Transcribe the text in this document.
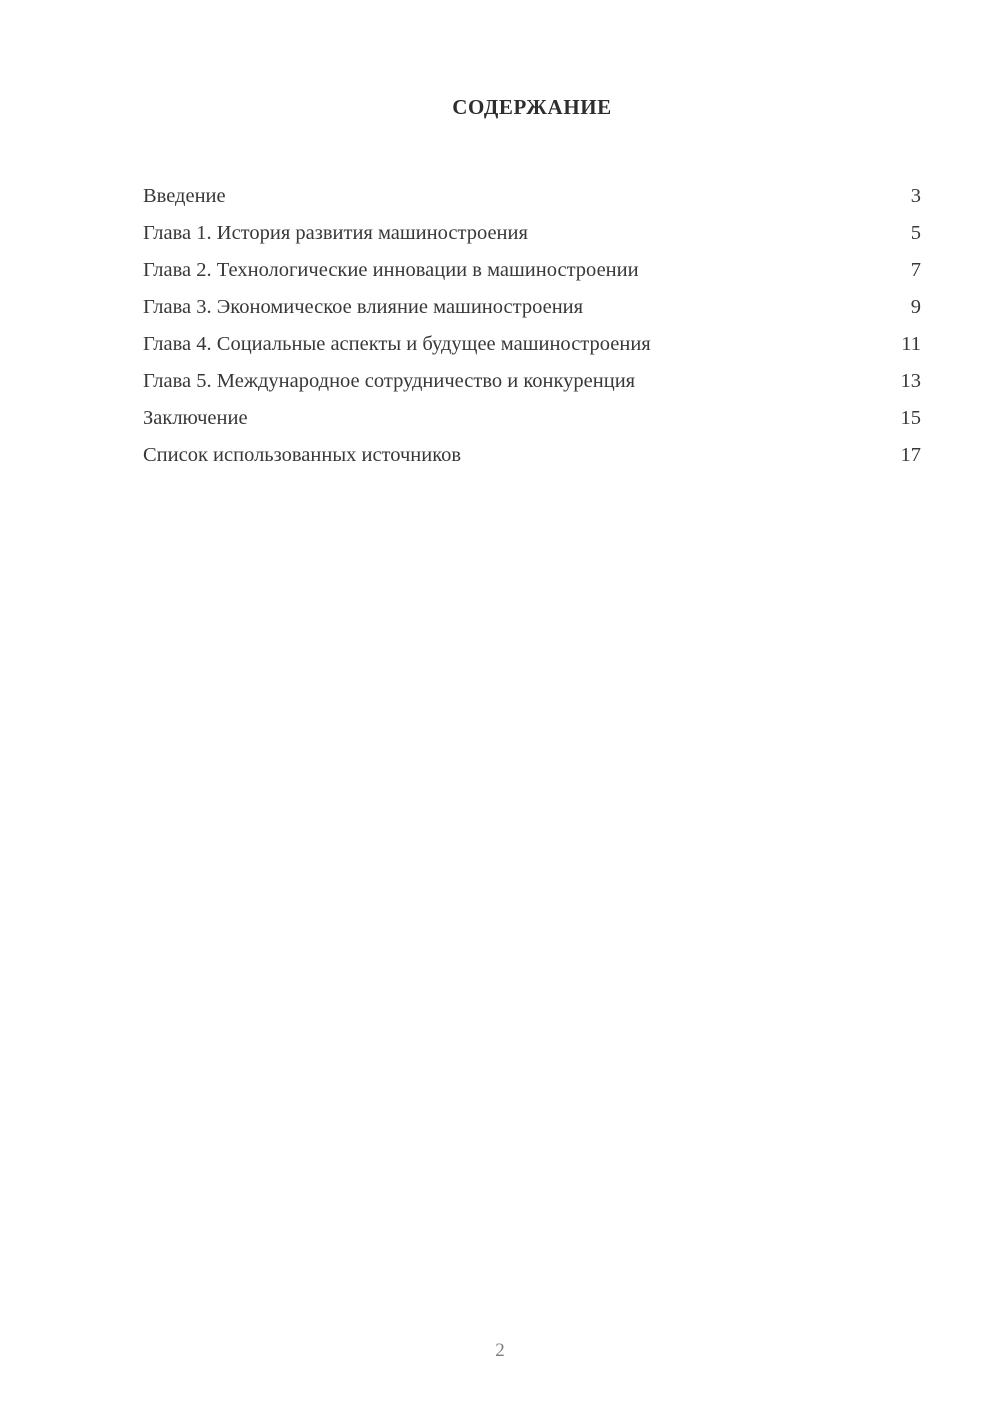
СОДЕРЖАНИЕ
Введение	3
Глава 1. История развития машиностроения	5
Глава 2. Технологические инновации в машиностроении	7
Глава 3. Экономическое влияние машиностроения	9
Глава 4. Социальные аспекты и будущее машиностроения	11
Глава 5. Международное сотрудничество и конкуренция	13
Заключение	15
Список использованных источников	17
2
